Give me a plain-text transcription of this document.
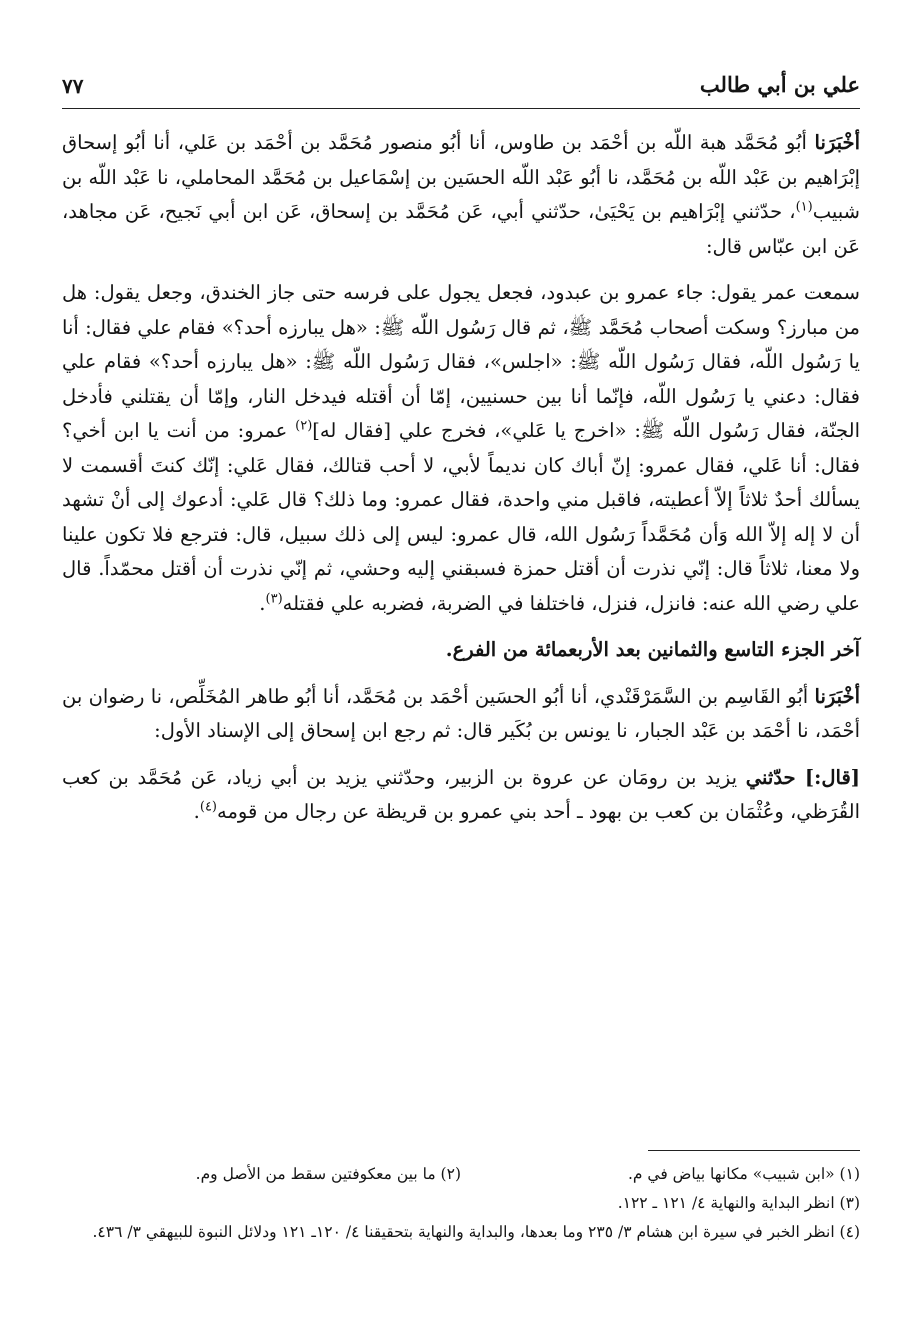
٧٧	علي بن أبي طالب

أخْبَرَنا أبُو مُحَمَّد هبة اللّه بن أحْمَد بن طاوس، أنا أبُو منصور مُحَمَّد بن أحْمَد بن عَلي، أنا أبُو إسحاق إبْرَاهيم بن عَبْد اللّه بن مُحَمَّد، نا أبُو عَبْد اللّه الحسَين بن إسْمَاعيل بن مُحَمَّد المحاملي، نا عَبْد اللّه بن شبيب$^{(١)}$، حدّثني إبْرَاهيم بن يَحْيَىٰ، حدّثني أبي، عَن مُحَمَّد بن إسحاق، عَن ابن أبي نَجيح، عَن مجاهد، عَن ابن عبّاس قال:

سمعت عمر يقول: جاء عمرو بن عبدود، فجعل يجول على فرسه حتى جاز الخندق، وجعل يقول: هل من مبارز؟ وسكت أصحاب مُحَمَّد ﷺ، ثم قال رَسُول اللّه ﷺ: «هل يبارزه أحد؟» فقام علي فقال: أنا يا رَسُول اللّه، فقال رَسُول اللّه ﷺ: «اجلس»، فقال رَسُول اللّه ﷺ: «هل يبارزه أحد؟» فقام علي فقال: دعني يا رَسُول اللّه، فإنّما أنا بين حسنيين، إمّا أن أقتله فيدخل النار، وإمّا أن يقتلني فأدخل الجنّة، فقال رَسُول اللّه ﷺ: «اخرج يا عَلي»، فخرج علي [فقال له]$^{(٢)}$ عمرو: من أنت يا ابن أخي؟ فقال: أنا عَلي، فقال عمرو: إنّ أباك كان نديماً لأبي، لا أحب قتالك، فقال عَلي: إنّك كنتَ أقسمت لا يسألك أحدٌ ثلاثاً إلاّ أعطيته، فاقبل مني واحدة، فقال عمرو: وما ذلك؟ قال عَلي: أدعوك إلى أنْ تشهد أن لا إله إلاّ الله وَأن مُحَمَّداً رَسُول الله، قال عمرو: ليس إلى ذلك سبيل، قال: فترجع فلا تكون علينا ولا معنا، ثلاثاً قال: إنّي نذرت أن أقتل حمزة فسبقني إليه وحشي، ثم إنّي نذرت أن أقتل محمّداً. قال علي رضي الله عنه: فانزل، فنزل، فاختلفا في الضربة، فضربه علي فقتله$^{(٣)}$.

آخر الجزء التاسع والثمانين بعد الأربعمائة من الفرع.

أخْبَرَنا أبُو القَاسِم بن السَّمَرْقَنْدي، أنا أبُو الحسَين أحْمَد بن مُحَمَّد، أنا أبُو طاهر المُخَلِّص، نا رضوان بن أحْمَد، نا أحْمَد بن عَبْد الجبار، نا يونس بن بُكَير قال: ثم رجع ابن إسحاق إلى الإسناد الأول:

[قال:] حدّثني يزيد بن رومَان عن عروة بن الزبير، وحدّثني يزيد بن أبي زياد، عَن مُحَمَّد بن كعب القُرَظي، وعُثْمَان بن كعب بن بهود ـ أحد بني عمرو بن قريظة عن رجال من قومه$^{(٤)}$.

(١) «ابن شبيب» مكانها بياض في م.
(٢) ما بين معكوفتين سقط من الأصل وم.
(٣) انظر البداية والنهاية ٤/ ١٢١ ـ ١٢٢.
(٤) انظر الخبر في سيرة ابن هشام ٣/ ٢٣٥ وما بعدها، والبداية والنهاية بتحقيقنا ٤/ ١٢٠ـ ١٢١ ودلائل النبوة للبيهقي ٣/ ٤٣٦.
